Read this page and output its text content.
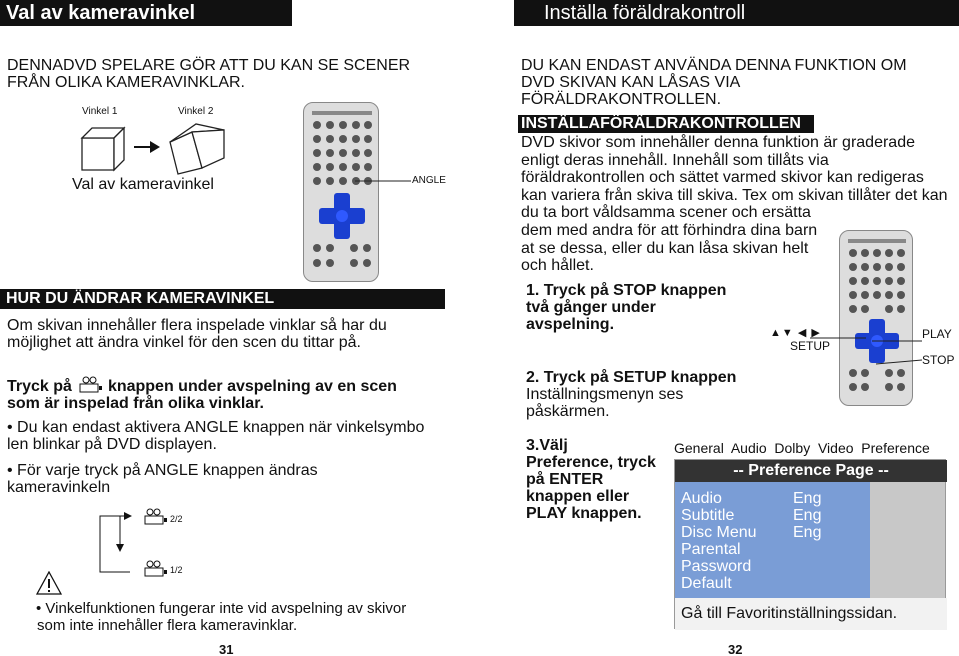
Val av kameravinkel
DENNADVD SPELARE GÖR ATT DU KAN SE SCENER
FRÅN OLIKA KAMERAVINKLAR.
Vinkel 1	Vinkel 2
Val av kameravinkel	ANGLE
HUR DU ÄNDRAR KAMERAVINKEL
Om skivan innehåller flera inspelade vinklar så har du
möjlighet att ändra vinkel för den scen du tittar på.
Tryck på knappen under avspelning av en scen
som är inspelad från olika vinklar.
• Du kan endast aktivera ANGLE knappen när vinkelsymbo
len blinkar på DVD displayen.
• För varje tryck på ANGLE knappen ändras
kameravinkeln
2/2
1/2
• Vinkelfunktionen fungerar inte vid avspelning av skivor
som inte innehåller flera kameravinklar.
31
Inställa föräldrakontroll
DU KAN ENDAST ANVÄNDA DENNA FUNKTION OM
DVD SKIVAN KAN LÅSAS VIA
FÖRÄLDRAKONTROLLEN.
INSTÄLLAFÖRÄLDRAKONTROLLEN
DVD skivor som innehåller denna funktion är graderade
enligt deras innehåll. Innehåll som tillåts via
föräldrakontrollen och sättet varmed skivor kan redigeras
kan variera från skiva till skiva. Tex om skivan tillåter det kan
du ta bort våldsamma scener och ersätta
dem med andra för att förhindra dina barn
at se dessa, eller du kan låsa skivan helt
och hållet.
1. Tryck på STOP knappen
två gånger under
avspelning.
2. Tryck på SETUP knappen
Inställningsmenyn ses
påskärmen.
3.Välj
Preference, tryck
på ENTER
knappen eller
PLAY knappen.
▲▼ ◀ ▶
SETUP
PLAY
STOP
General  Audio  Dolby  Video  Preference
-- Preference Page --
Audio	Eng
Subtitle	Eng
Disc Menu Eng
Parental
Password
Default
Gå till Favoritinställningssidan.
32
